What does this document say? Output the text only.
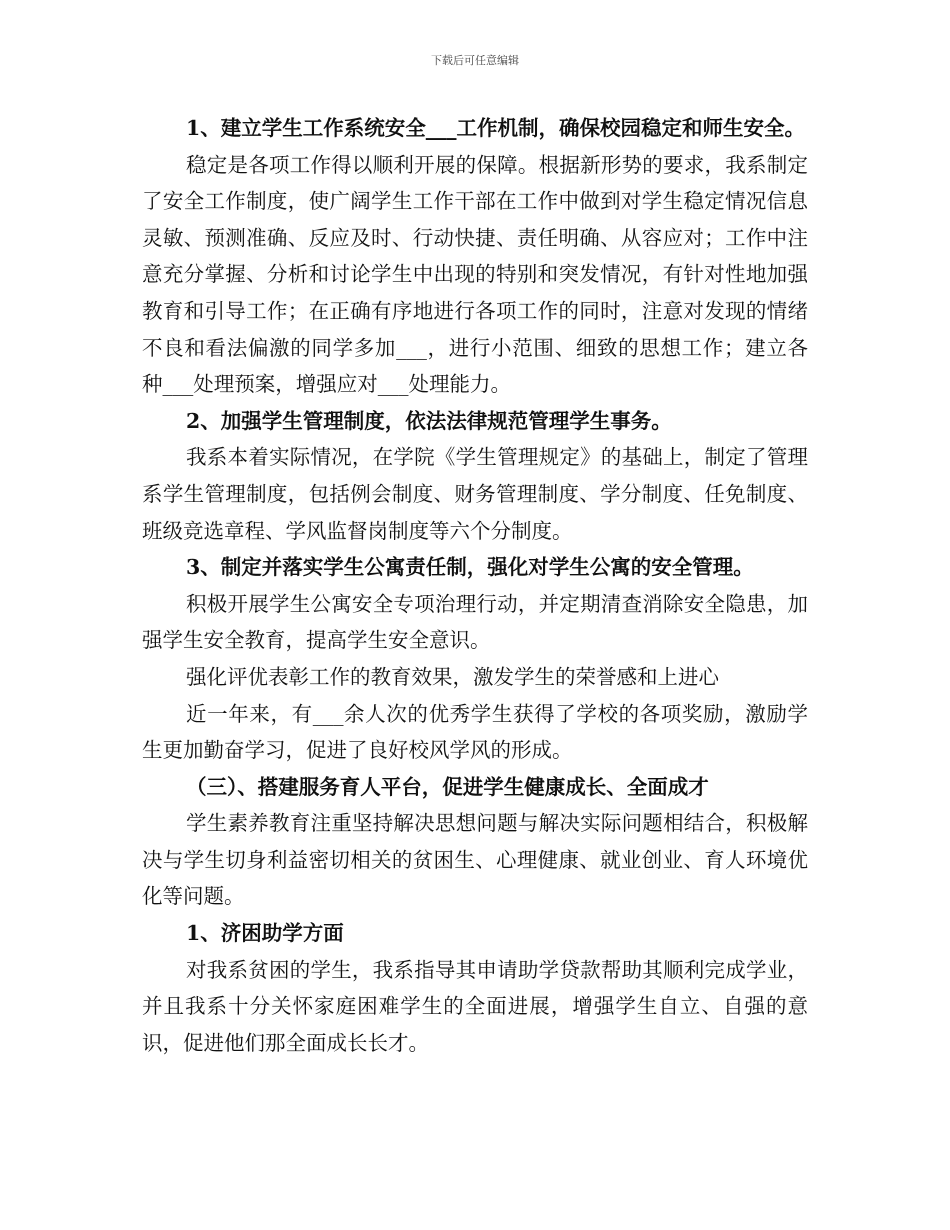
下载后可任意编辑

1、建立学生工作系统安全___工作机制，确保校园稳定和师生安全。

稳定是各项工作得以顺利开展的保障。根据新形势的要求，我系制定了安全工作制度，使广阔学生工作干部在工作中做到对学生稳定情况信息灵敏、预测准确、反应及时、行动快捷、责任明确、从容应对；工作中注意充分掌握、分析和讨论学生中出现的特别和突发情况，有针对性地加强教育和引导工作；在正确有序地进行各项工作的同时，注意对发现的情绪不良和看法偏激的同学多加___，进行小范围、细致的思想工作；建立各种___处理预案，增强应对___处理能力。

2、加强学生管理制度，依法法律规范管理学生事务。

我系本着实际情况，在学院《学生管理规定》的基础上，制定了管理系学生管理制度，包括例会制度、财务管理制度、学分制度、任免制度、班级竞选章程、学风监督岗制度等六个分制度。

3、制定并落实学生公寓责任制，强化对学生公寓的安全管理。

积极开展学生公寓安全专项治理行动，并定期清查消除安全隐患，加强学生安全教育，提高学生安全意识。

强化评优表彰工作的教育效果，激发学生的荣誉感和上进心

近一年来，有___余人次的优秀学生获得了学校的各项奖励，激励学生更加勤奋学习，促进了良好校风学风的形成。

（三）、搭建服务育人平台，促进学生健康成长、全面成才

学生素养教育注重坚持解决思想问题与解决实际问题相结合，积极解决与学生切身利益密切相关的贫困生、心理健康、就业创业、育人环境优化等问题。

1、济困助学方面

对我系贫困的学生，我系指导其申请助学贷款帮助其顺利完成学业，并且我系十分关怀家庭困难学生的全面进展，增强学生自立、自强的意识，促进他们那全面成长长才。
